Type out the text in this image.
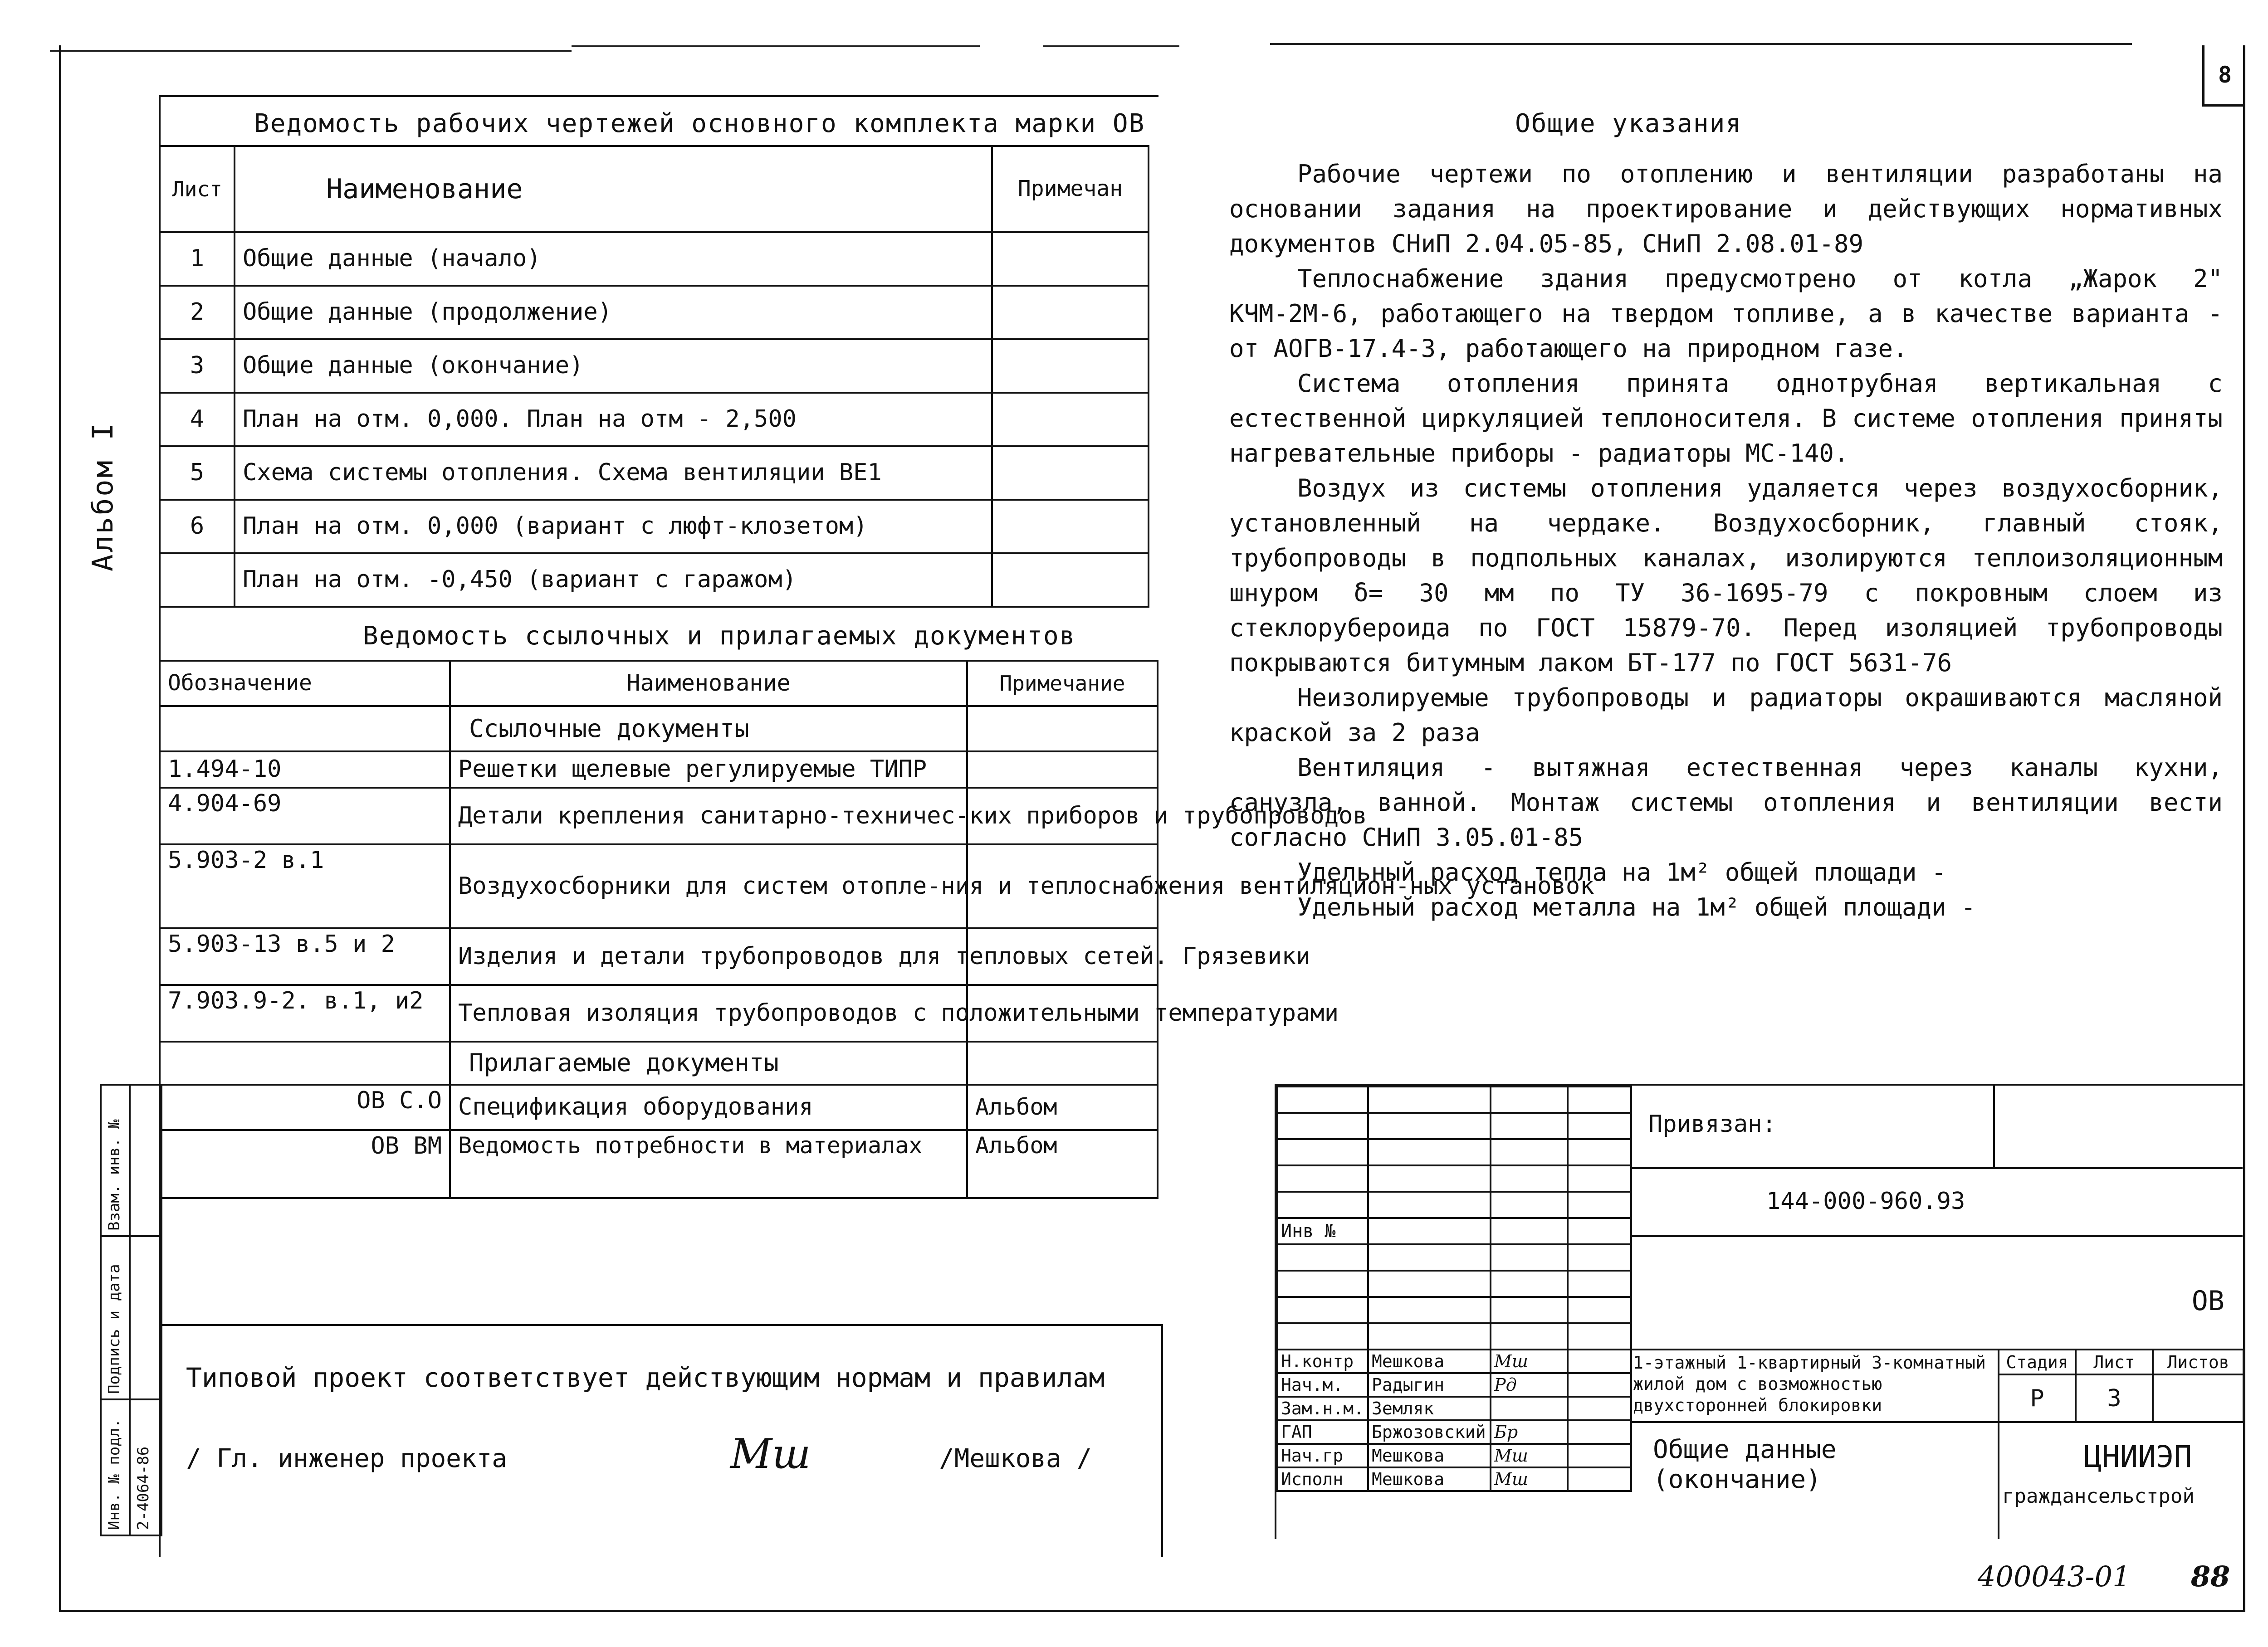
8
Альбом I
Инв. № подл.
Подпись и дата
Взам. инв. №
2-4064-86
Ведомость рабочих чертежей основного комплекта марки ОВ
Лист	Наименование	Примечан
1	Общие данные (начало)	
2	Общие данные (продолжение)	
3	Общие данные (окончание)	
4	План на отм. 0,000. План на отм - 2,500	
5	Схема системы отопления. Схема вентиляции ВЕ1	
6	План на отм. 0,000 (вариант с люфт-клозетом)	
	План на отм. -0,450 (вариант с гаражом)	
Ведомость ссылочных и прилагаемых документов
Обозначение	Наименование	Примечание
	Ссылочные документы	
1.494-10	Решетки щелевые регулируемые ТИПР	
4.904-69	Детали крепления санитарно-техничес-ких приборов и трубопроводов	
5.903-2 в.1	Воздухосборники для систем отопле-ния и теплоснабжения вентиляцион-ных установок	
5.903-13 в.5 и 2	Изделия и детали трубопроводов для тепловых сетей. Грязевики	
7.903.9-2. в.1, и2	Тепловая изоляция трубопроводов с положительными температурами	
	Прилагаемые документы	
ОВ С.О	Спецификация оборудования	Альбом
ОВ ВМ	Ведомость потребности в материалах	Альбом
Типовой проект соответствует действующим нормам и правилам
/ Гл. инженер проекта	Мш	/Мешкова /
Общие указания

Рабочие чертежи по отоплению и вентиляции разработаны на основании задания на проектирование и действующих нормативных документов СНиП 2.04.05-85, СНиП 2.08.01-89

Теплоснабжение здания предусмотрено от котла „Жарок 2" КЧМ-2М-6, работающего на твердом топливе, а в качестве варианта - от АОГВ-17.4-3, работающего на природном газе.

Система отопления принята однотрубная вертикальная с естественной циркуляцией теплоносителя. В системе отопления приняты нагревательные приборы - радиаторы МС-140.

Воздух из системы отопления удаляется через воздухосборник, установленный на чердаке. Воздухосборник, главный стояк, трубопроводы в подпольных каналах, изолируются теплоизоляционным шнуром δ= 30 мм по ТУ 36-1695-79 с покровным слоем из стеклорубероида по ГОСТ 15879-70. Перед изоляцией трубопроводы покрываются битумным лаком БТ-177 по ГОСТ 5631-76

Неизолируемые трубопроводы и радиаторы окрашиваются масляной краской за 2 раза

Вентиляция - вытяжная естественная через каналы кухни, санузла, ванной. Монтаж системы отопления и вентиляции вести согласно СНиП 3.05.01-85

Удельный расход тепла на 1м² общей площади -

Удельный расход металла на 1м² общей площади -

Инв №			

Н.контр	Мешкова	Мш	
Нач.м.	Радыгин	Рд	
Зам.н.м.	Земляк		
ГАП	Бржозовский	Бр	
Нач.гр	Мешкова	Мш	
Исполн	Мешкова	Мш	
Привязан:
144-000-960.93
ОВ
1-этажный 1-квартирный 3-комнатный жилой дом с возможностью двухсторонней блокировки
Общие данные (окончание)
Стадия	Лист	Листов
Р	3	
ЦНИИЭП
граждансельстрой
400043-01 88
